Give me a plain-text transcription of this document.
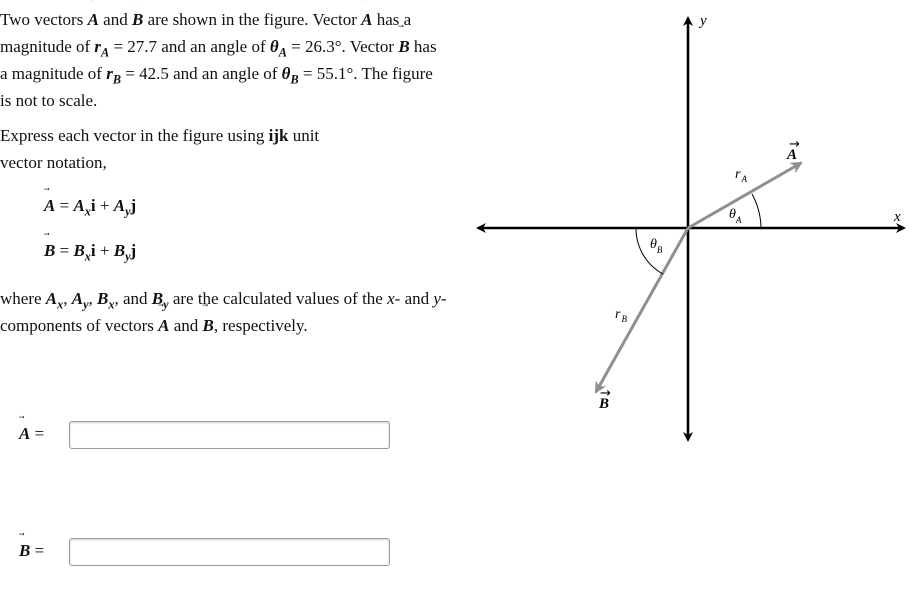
Two vectors
A and
B are shown in the figure. Vector
A has a magnitude of $r_A = 27.7$ and an angle of $\theta_A = 26.3^\circ$. Vector
B has a magnitude of $r_B = 42.5$ and an angle of $\theta_B = 55.1^\circ$. The figure is not to scale.

Express each vector in the figure using ijk unit vector notation,

$A = A_xi + A_yj$

$B = B_xi + B_yj$

where $A_x$, $A_y$, $B_x$, and $B_y$ are the calculated values of the x- and y-components of vectors
A and
B, respectively.

A =

B =

y
x
A
→
B
→
$r_A$
$\theta_A$
$r_B$
$\theta_B$
